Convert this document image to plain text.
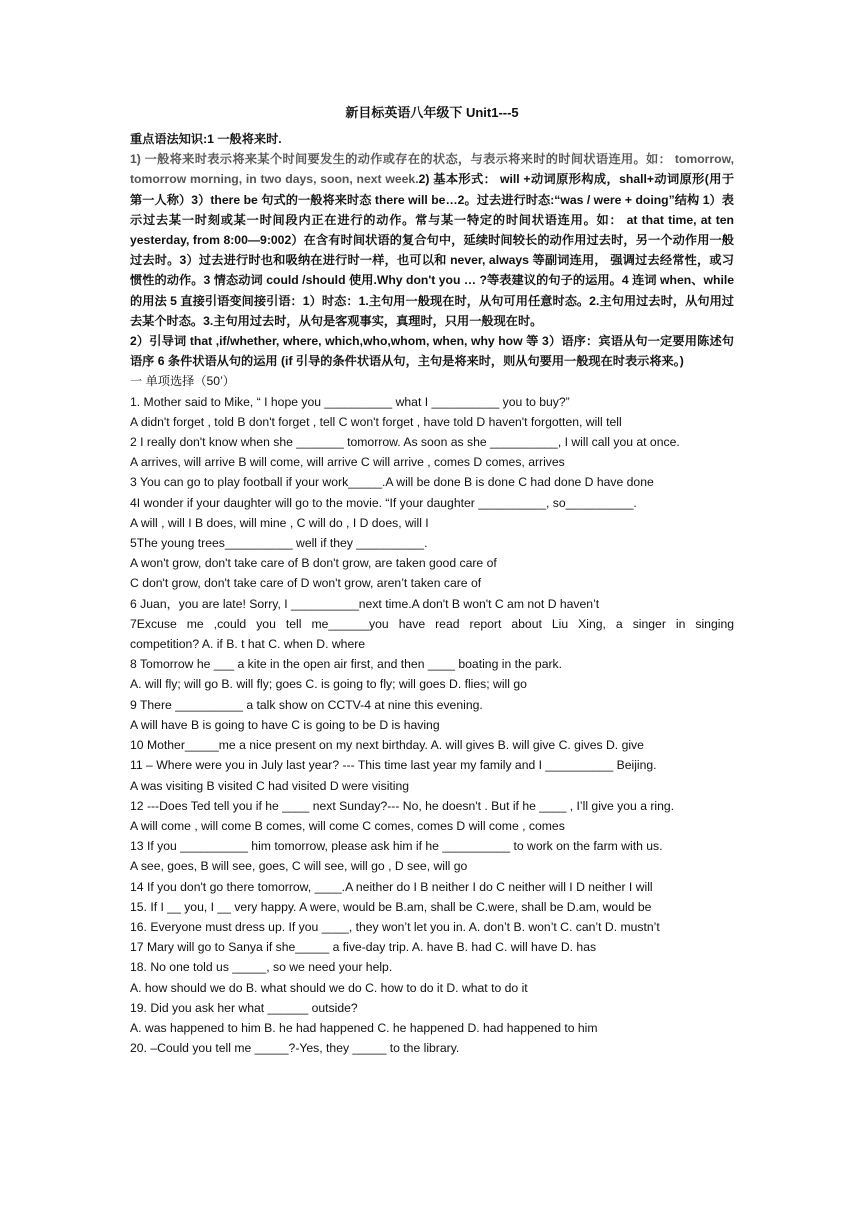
新目标英语八年级下 Unit1---5

重点语法知识:1 一般将来时.

1) 一般将来时表示将来某个时间要发生的动作或存在的状态，与表示将来时的时间状语连用。如： tomorrow, tomorrow morning, in two days, soon, next week.2) 基本形式： will +动词原形构成，shall+动词原形(用于第一人称）3）there be 句式的一般将来时态 there will be…2。过去进行时态:“was / were + doing”结构 1）表示过去某一时刻或某一时间段内正在进行的动作。常与某一特定的时间状语连用。如： at that time, at ten yesterday, from 8:00—9:002）在含有时间状语的复合句中，延续时间较长的动作用过去时，另一个动作用一般过去时。3）过去进行时也和吸纳在进行时一样，也可以和 never, always 等副词连用， 强调过去经常性，或习惯性的动作。3 情态动词 could /should 使用.Why don't you … ?等表建议的句子的运用。4 连词 when、while 的用法 5 直接引语变间接引语：1）时态：1.主句用一般现在时，从句可用任意时态。2.主句用过去时，从句用过去某个时态。3.主句用过去时，从句是客观事实，真理时，只用一般现在时。

2）引导词 that ,if/whether, where, which,who,whom, when, why how 等 3）语序：宾语从句一定要用陈述句语序 6 条件状语从句的运用 (if 引导的条件状语从句，主句是将来时，则从句要用一般现在时表示将来。)

一 单项选择（50’）
1. Mother said to Mike, “ I hope you __________ what I __________ you to buy?”
A didn't forget , told B don't forget , tell C won't forget , have told D haven't forgotten, will tell
2 I really don't know when she _______ tomorrow. As soon as she __________, I will call you at once.
A arrives, will arrive B will come, will arrive C will arrive , comes D comes, arrives
3 You can go to play football if your work_____.A will be done B is done C had done D have done
4I wonder if your daughter will go to the movie. “If your daughter __________, so__________.
A will , will I B does, will mine , C will do , I D does, will I
5The young trees__________ well if they __________.
A won't grow, don't take care of B don't grow, are taken good care of
C don't grow, don't take care of D won't grow, aren’t taken care of
6 Juan，you are late! Sorry, I __________next time.A don't B won't C am not D haven’t
7Excuse me ,could you tell me______you have read report about Liu Xing, a singer in singing
competition? A. if B. t hat C. when D. where
8 Tomorrow he ___ a kite in the open air first, and then ____ boating in the park.
A. will fly; will go B. will fly; goes C. is going to fly; will goes D. flies; will go
9 There __________ a talk show on CCTV-4 at nine this evening.
A will have B is going to have C is going to be D is having
10 Mother_____me a nice present on my next birthday. A. will gives B. will give C. gives D. give
11 – Where were you in July last year? --- This time last year my family and I __________ Beijing.
A was visiting B visited C had visited D were visiting
12 ---Does Ted tell you if he ____ next Sunday?--- No, he doesn't . But if he ____ , I’ll give you a ring.
A will come , will come B comes, will come C comes, comes D will come , comes
13 If you __________ him tomorrow, please ask him if he __________ to work on the farm with us.
A see, goes, B will see, goes, C will see, will go , D see, will go
14 If you don't go there tomorrow, ____.A neither do I B neither I do C neither will I D neither I will
15. If I __ you, I __ very happy. A were, would be B.am, shall be C.were, shall be D.am, would be
16. Everyone must dress up. If you ____, they won’t let you in. A. don’t B. won’t C. can’t D. mustn’t
17 Mary will go to Sanya if she_____ a five-day trip. A. have B. had C. will have D. has
18. No one told us _____, so we need your help.
A. how should we do B. what should we do C. how to do it D. what to do it
19. Did you ask her what ______ outside?
A. was happened to him B. he had happened C. he happened D. had happened to him
20. –Could you tell me _____?-Yes, they _____ to the library.
